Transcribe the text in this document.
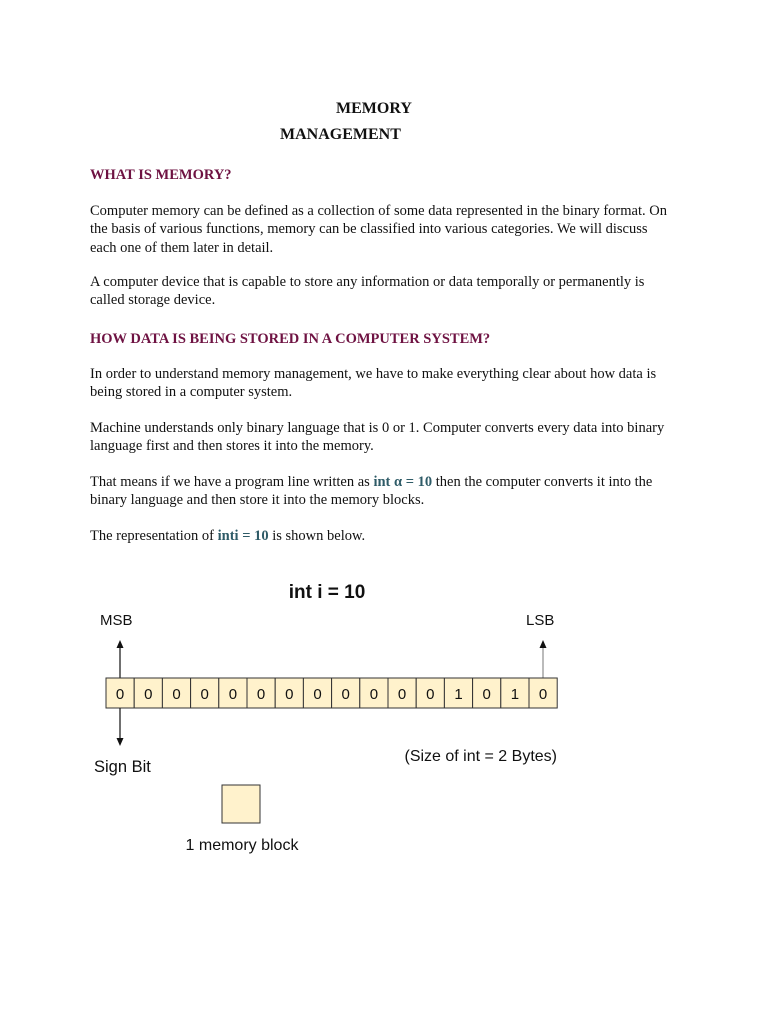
MEMORY
MANAGEMENT
WHAT IS MEMORY?

Computer memory can be defined as a collection of some data represented in the binary format. On the basis of various functions, memory can be classified into various categories. We will discuss each one of them later in detail.

A computer device that is capable to store any information or data temporally or permanently is called storage device.

HOW DATA IS BEING STORED IN A COMPUTER SYSTEM?

In order to understand memory management, we have to make everything clear about how data is being stored in a computer system.

Machine understands only binary language that is 0 or 1. Computer converts every data into binary language first and then stores it into the memory.

That means if we have a program line written as int α = 10 then the computer converts it into the binary language and then store it into the memory blocks.

The representation of inti = 10 is shown below.

int i = 10
MSB	LSB
0 0 0 0 0 0 0 0 0 0 0 0 1 0 1 0
Sign Bit
(Size of int = 2 Bytes)
1 memory block
